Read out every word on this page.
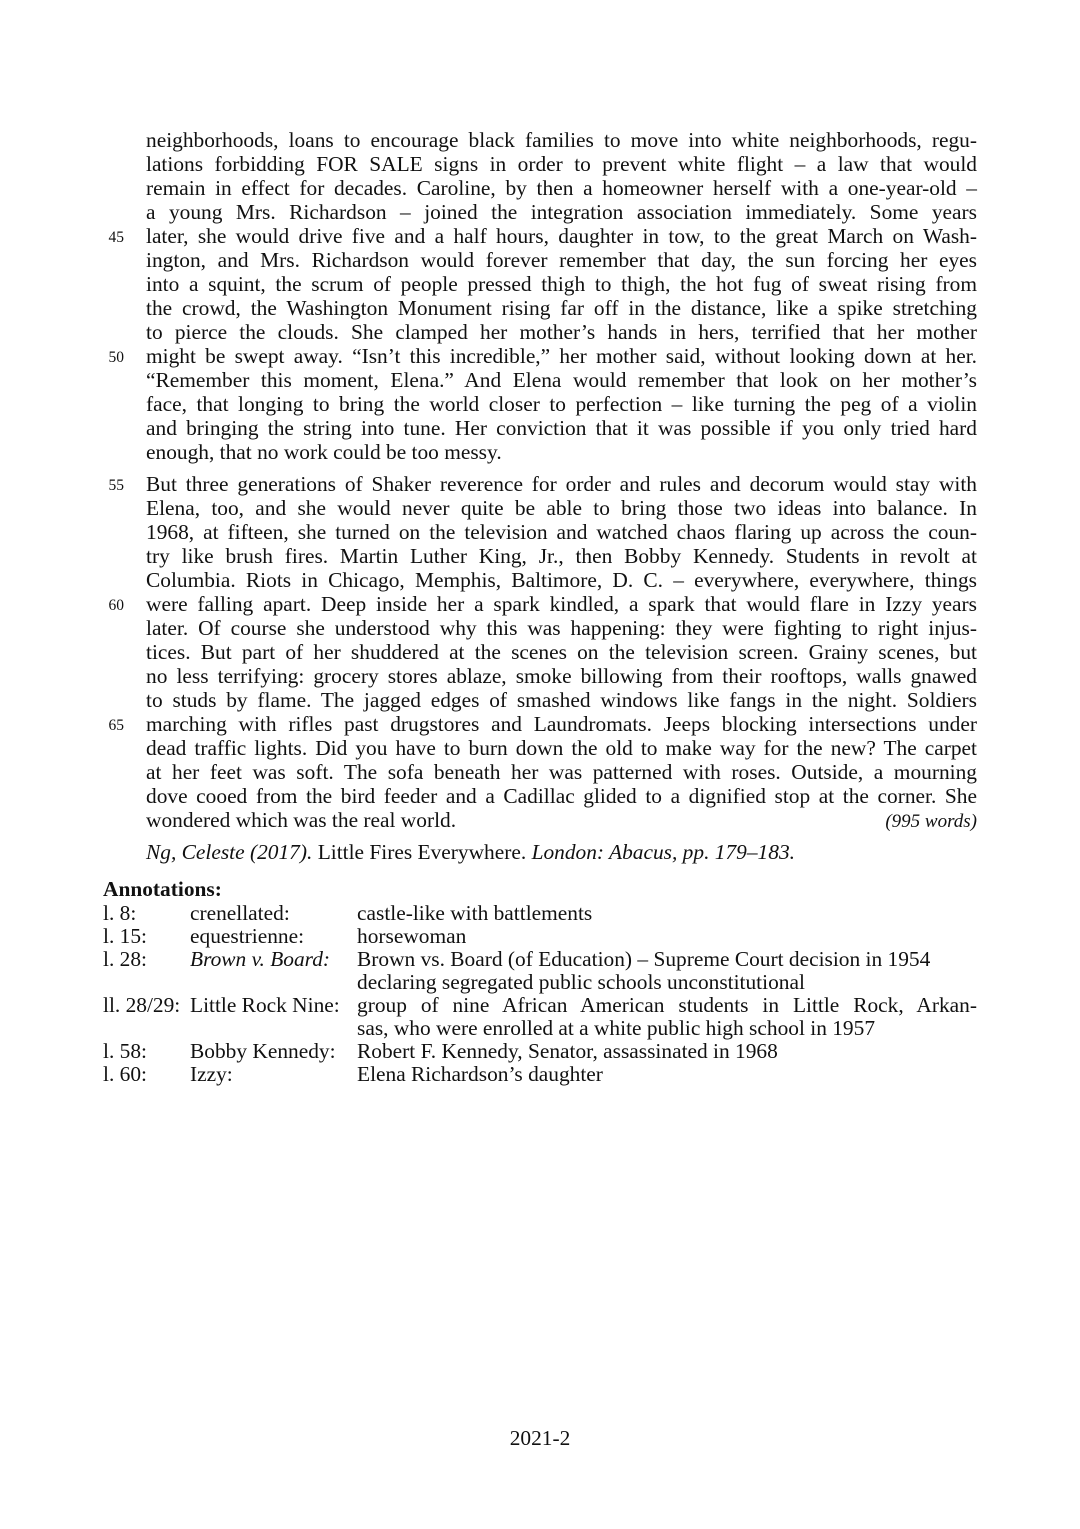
neighborhoods, loans to encourage black families to move into white neighborhoods, regu-
lations forbidding FOR SALE signs in order to prevent white flight – a law that would
remain in effect for decades. Caroline, by then a homeowner herself with a one-year-old –
a young Mrs. Richardson – joined the integration association immediately. Some years
later, she would drive five and a half hours, daughter in tow, to the great March on Wash-
ington, and Mrs. Richardson would forever remember that day, the sun forcing her eyes
into a squint, the scrum of people pressed thigh to thigh, the hot fug of sweat rising from
the crowd, the Washington Monument rising far off in the distance, like a spike stretching
to pierce the clouds. She clamped her mother’s hands in hers, terrified that her mother
might be swept away. “Isn’t this incredible,” her mother said, without looking down at her.
“Remember this moment, Elena.” And Elena would remember that look on her mother’s
face, that longing to bring the world closer to perfection – like turning the peg of a violin
and bringing the string into tune. Her conviction that it was possible if you only tried hard
enough, that no work could be too messy.
But three generations of Shaker reverence for order and rules and decorum would stay with
Elena, too, and she would never quite be able to bring those two ideas into balance. In
1968, at fifteen, she turned on the television and watched chaos flaring up across the coun-
try like brush fires. Martin Luther King, Jr., then Bobby Kennedy. Students in revolt at
Columbia. Riots in Chicago, Memphis, Baltimore, D. C. – everywhere, everywhere, things
were falling apart. Deep inside her a spark kindled, a spark that would flare in Izzy years
later. Of course she understood why this was happening: they were fighting to right injus-
tices. But part of her shuddered at the scenes on the television screen. Grainy scenes, but
no less terrifying: grocery stores ablaze, smoke billowing from their rooftops, walls gnawed
to studs by flame. The jagged edges of smashed windows like fangs in the night. Soldiers
marching with rifles past drugstores and Laundromats. Jeeps blocking intersections under
dead traffic lights. Did you have to burn down the old to make way for the new? The carpet
at her feet was soft. The sofa beneath her was patterned with roses. Outside, a mourning
dove cooed from the bird feeder and a Cadillac glided to a dignified stop at the corner. She
wondered which was the real world.
45
50
55
60
65
(995 words)
Ng, Celeste (2017). Little Fires Everywhere. London: Abacus, pp. 179–183.
Annotations:
l. 8:	crenellated:	castle-like with battlements
l. 15: equestrienne: horsewoman
l. 28: Brown v. Board: Brown vs. Board (of Education) – Supreme Court decision in 1954
declaring segregated public schools unconstitutional
ll. 28/29: Little Rock Nine: group of nine African American students in Little Rock, Arkan-
sas, who were enrolled at a white public high school in 1957
l. 58: Bobby Kennedy: Robert F. Kennedy, Senator, assassinated in 1968
l. 60: Izzy:	Elena Richardson’s daughter
2021-2
